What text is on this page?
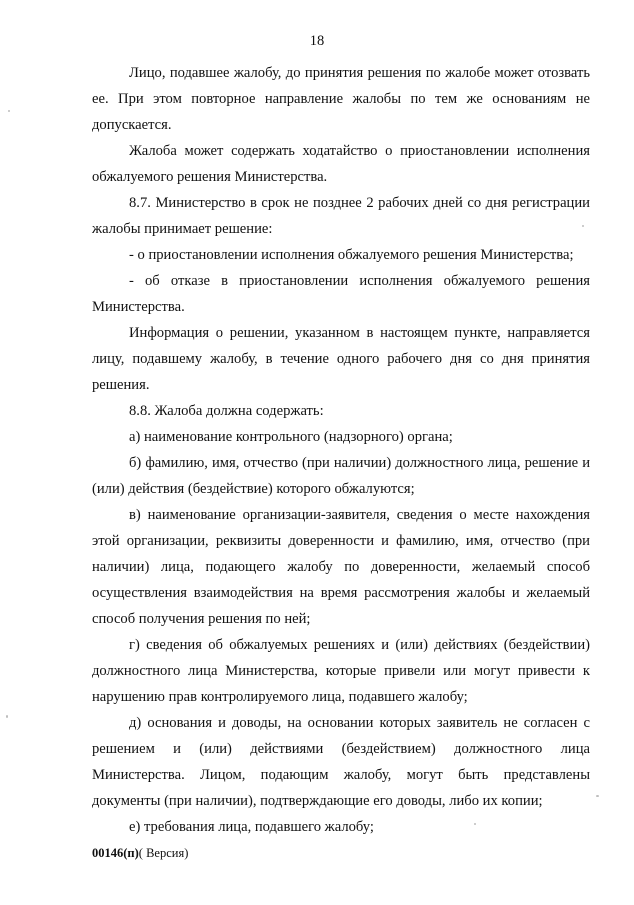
18

Лицо, подавшее жалобу, до принятия решения по жалобе может отозвать ее. При этом повторное направление жалобы по тем же основаниям не допускается.

Жалоба может содержать ходатайство о приостановлении исполнения обжалуемого решения Министерства.

8.7. Министерство в срок не позднее 2 рабочих дней со дня регистрации жалобы принимает решение:

- о приостановлении исполнения обжалуемого решения Министерства;

- об отказе в приостановлении исполнения обжалуемого решения Министерства.

Информация о решении, указанном в настоящем пункте, направляется лицу, подавшему жалобу, в течение одного рабочего дня со дня принятия решения.

8.8. Жалоба должна содержать:

а) наименование контрольного (надзорного) органа;

б) фамилию, имя, отчество (при наличии) должностного лица, решение и (или) действия (бездействие) которого обжалуются;

в) наименование организации-заявителя, сведения о месте нахождения этой организации, реквизиты доверенности и фамилию, имя, отчество (при наличии) лица, подающего жалобу по доверенности, желаемый способ осуществления взаимодействия на время рассмотрения жалобы и желаемый способ получения решения по ней;

г) сведения об обжалуемых решениях и (или) действиях (бездействии) должностного лица Министерства, которые привели или могут привести к нарушению прав контролируемого лица, подавшего жалобу;

д) основания и доводы, на основании которых заявитель не согласен с решением и (или) действиями (бездействием) должностного лица Министерства. Лицом, подающим жалобу, могут быть представлены документы (при наличии), подтверждающие его доводы, либо их копии;

е) требования лица, подавшего жалобу;

00146(п)( Версия)
